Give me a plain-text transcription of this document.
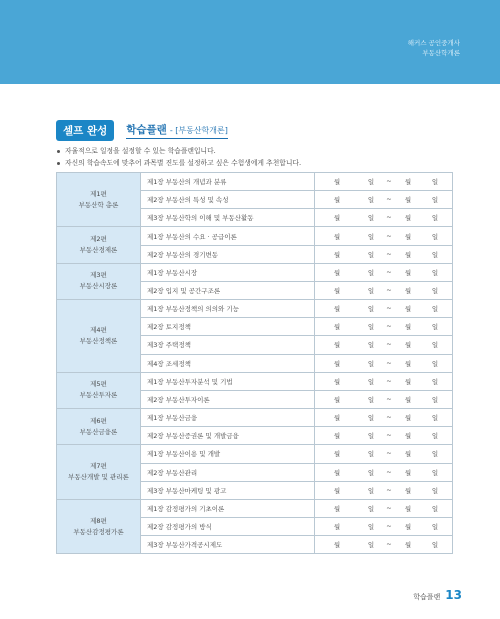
해커스 공인중개사
부동산학개론
셀프 완성	학습플랜 - [부동산학개론]
자율적으로 일정을 설정할 수 있는 학습플랜입니다.
자신의 학습속도에 맞추어 과목별 진도를 설정하고 싶은 수험생에게 추천합니다.
제1편
부동산학 총론	제1장 부동산의 개념과 분류	월 일 ~ 월 일

	제2장 부동산의 특성 및 속성	월 일 ~ 월 일

	제3장 부동산학의 이해 및 부동산활동	월 일 ~ 월 일

제2편
부동산경제론	제1장 부동산의 수요 · 공급이론	월 일 ~ 월 일

	제2장 부동산의 경기변동	월 일 ~ 월 일

제3편
부동산시장론	제1장 부동산시장	월 일 ~ 월 일

	제2장 입지 및 공간구조론	월 일 ~ 월 일

제4편
부동산정책론	제1장 부동산정책의 의의와 기능	월 일 ~ 월 일

	제2장 토지정책	월 일 ~ 월 일

	제3장 주택정책	월 일 ~ 월 일

	제4장 조세정책	월 일 ~ 월 일

제5편
부동산투자론	제1장 부동산투자분석 및 기법	월 일 ~ 월 일

	제2장 부동산투자이론	월 일 ~ 월 일

제6편
부동산금융론	제1장 부동산금융	월 일 ~ 월 일

	제2장 부동산증권론 및 개발금융	월 일 ~ 월 일

제7편
부동산개발 및 관리론	제1장 부동산이용 및 개발	월 일 ~ 월 일

	제2장 부동산관리	월 일 ~ 월 일

	제3장 부동산마케팅 및 광고	월 일 ~ 월 일

제8편
부동산감정평가론	제1장 감정평가의 기초이론	월 일 ~ 월 일

	제2장 감정평가의 방식	월 일 ~ 월 일

	제3장 부동산가격공시제도	월 일 ~ 월 일
학습플랜 13
